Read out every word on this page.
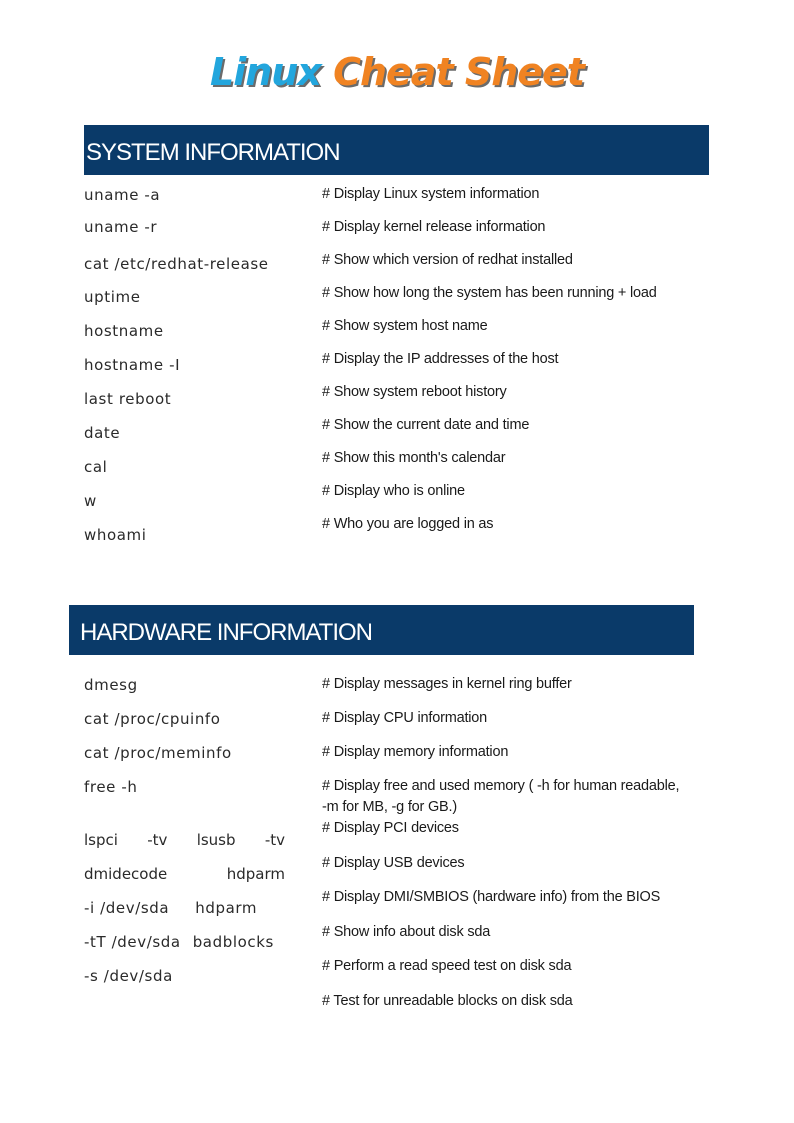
Linux Cheat Sheet
SYSTEM INFORMATION
uname -a
uname -r
cat /etc/redhat-release
uptime
hostname
hostname -I
last reboot
date
cal
w
whoami
# Display Linux system information
# Display kernel release information
# Show which version of redhat installed
# Show how long the system has been running + load
# Show system host name
# Display the IP addresses of the host
# Show system reboot history
# Show the current date and time
# Show this month's calendar
# Display who is online
# Who you are logged in as
HARDWARE INFORMATION
dmesg
cat /proc/cpuinfo
cat /proc/meminfo
free -h
lspci -tv lsusb -tv
dmidecode	hdparm
-i /dev/sda hdparm
-tT /dev/sda badblocks
-s /dev/sda
# Display messages in kernel ring buffer
# Display CPU information
# Display memory information
# Display free and used memory ( -h for human readable,
-m for MB, -g for GB.)
# Display PCI devices
# Display USB devices
# Display DMI/SMBIOS (hardware info) from the BIOS
# Show info about disk sda
# Perform a read speed test on disk sda
# Test for unreadable blocks on disk sda
